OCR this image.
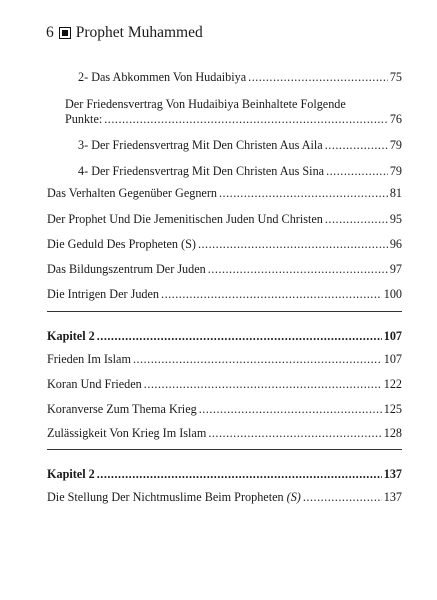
6 Prophet Muhammed
2- Das Abkommen Von Hudaibiya .....	75
Der Friedensvertrag Von Hudaibiya Beinhaltete Folgende
Punkte: .....	76
3- Der Friedensvertrag Mit Den Christen Aus Aila .....	79
4- Der Friedensvertrag Mit Den Christen Aus Sina .....	79
Das Verhalten Gegenüber Gegnern .....	81
Der Prophet Und Die Jemenitischen Juden Und Christen .....	95
Die Geduld Des Propheten (S) .....	96
Das Bildungszentrum Der Juden .....	97
Die Intrigen Der Juden .....	100
Kapitel 2 .....	107
Frieden Im Islam .....	107
Koran Und Frieden .....	122
Koranverse Zum Thema Krieg .....	125
Zulässigkeit Von Krieg Im Islam .....	128
Kapitel 2 .....	137
Die Stellung Der Nichtmuslime Beim Propheten (S) .....	137
